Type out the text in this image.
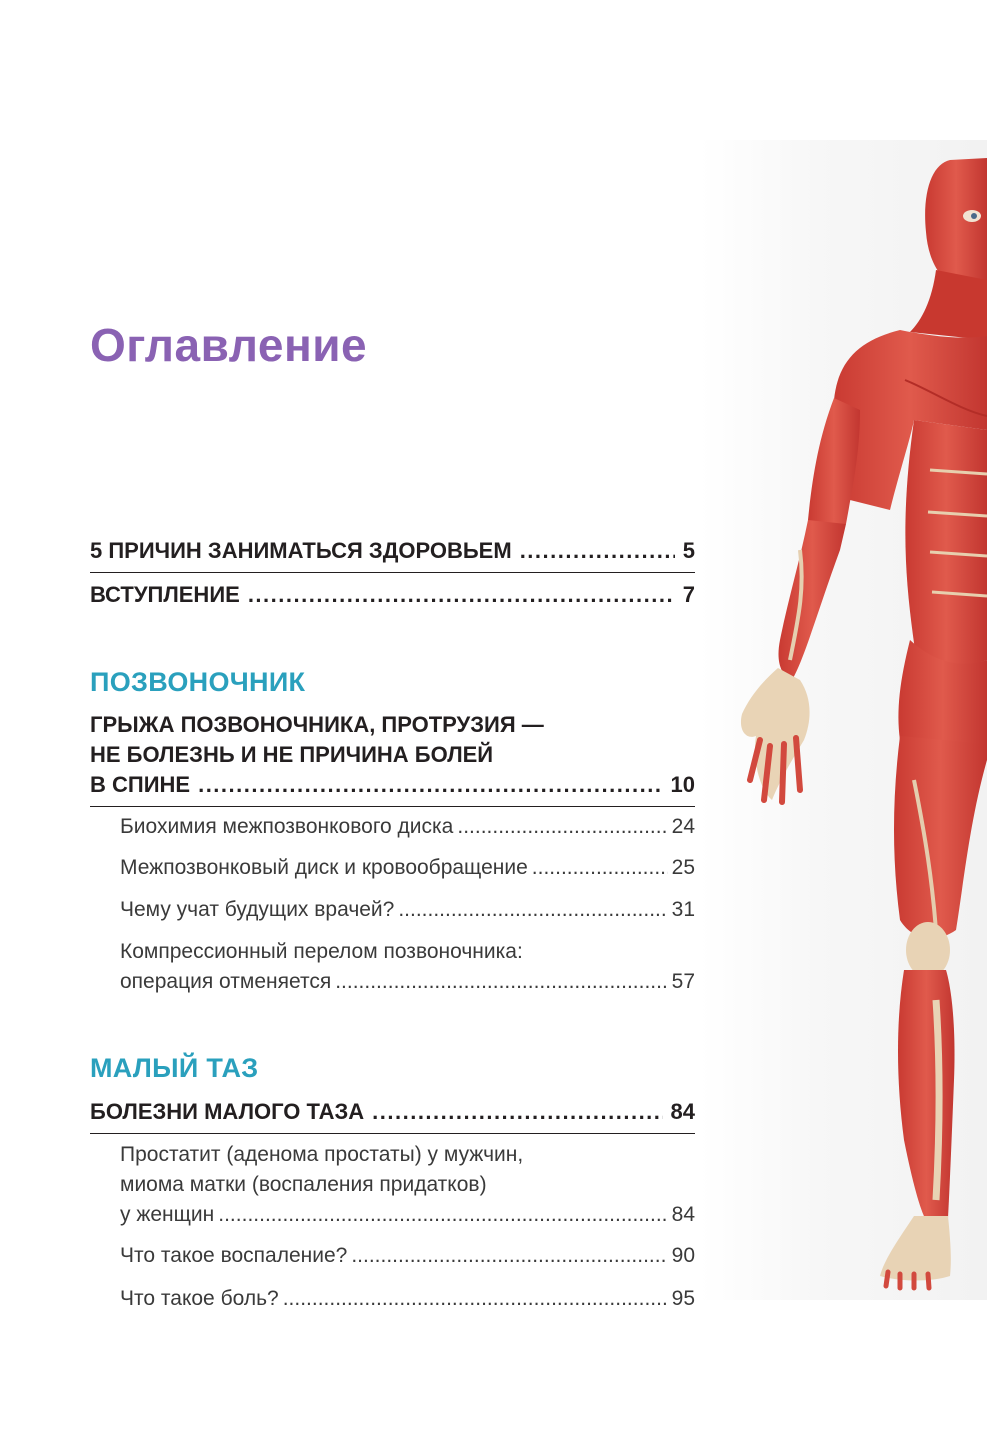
Оглавление
5 ПРИЧИН ЗАНИМАТЬСЯ ЗДОРОВЬЕМ .....	5
ВСТУПЛЕНИЕ .....	7
ПОЗВОНОЧНИК
ГРЫЖА ПОЗВОНОЧНИКА, ПРОТРУЗИЯ —
НЕ БОЛЕЗНЬ И НЕ ПРИЧИНА БОЛЕЙ
В СПИНЕ .....	10
Биохимия межпозвонкового диска .....	24
Межпозвонковый диск и кровообращение .....	25
Чему учат будущих врачей? .....	31
Компрессионный перелом позвоночника:
операция отменяется .....	57
МАЛЫЙ ТАЗ
БОЛЕЗНИ МАЛОГО ТАЗА .....	84
Простатит (аденома простаты) у мужчин,
миома матки (воспаления придатков)
у женщин .....	84
Что такое воспаление? .....	90
Что такое боль? .....	95
